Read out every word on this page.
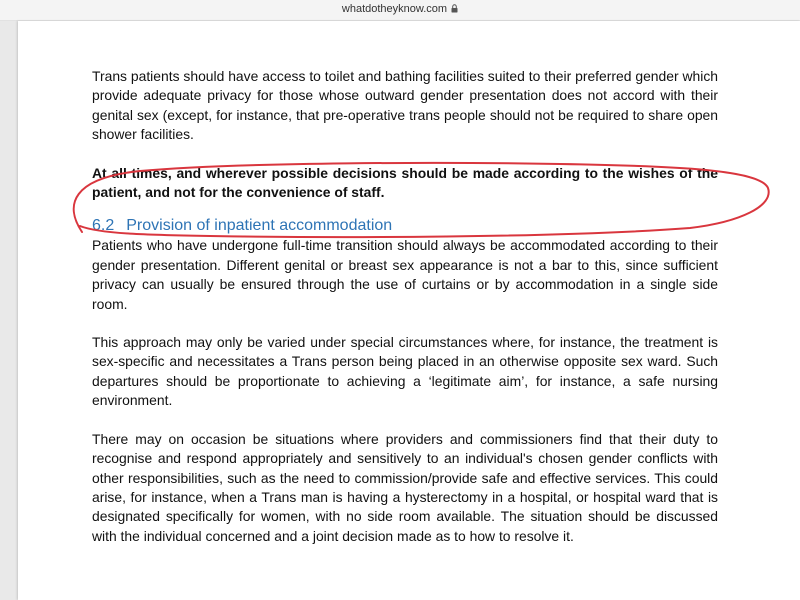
whatdotheyknow.com

Trans patients should have access to toilet and bathing facilities suited to their preferred gender which provide adequate privacy for those whose outward gender presentation does not accord with their genital sex (except, for instance, that pre-operative trans people should not be required to share open shower facilities.

At all times, and wherever possible decisions should be made according to the wishes of the patient, and not for the convenience of staff.

6.2 Provision of inpatient accommodation

Patients who have undergone full-time transition should always be accommodated according to their gender presentation. Different genital or breast sex appearance is not a bar to this, since sufficient privacy can usually be ensured through the use of curtains or by accommodation in a single side room.

This approach may only be varied under special circumstances where, for instance, the treatment is sex-specific and necessitates a Trans person being placed in an otherwise opposite sex ward. Such departures should be proportionate to achieving a ‘legitimate aim’, for instance, a safe nursing environment.

There may on occasion be situations where providers and commissioners find that their duty to recognise and respond appropriately and sensitively to an individual's chosen gender conflicts with other responsibilities, such as the need to commission/provide safe and effective services. This could arise, for instance, when a Trans man is having a hysterectomy in a hospital, or hospital ward that is designated specifically for women, with no side room available. The situation should be discussed with the individual concerned and a joint decision made as to how to resolve it.
